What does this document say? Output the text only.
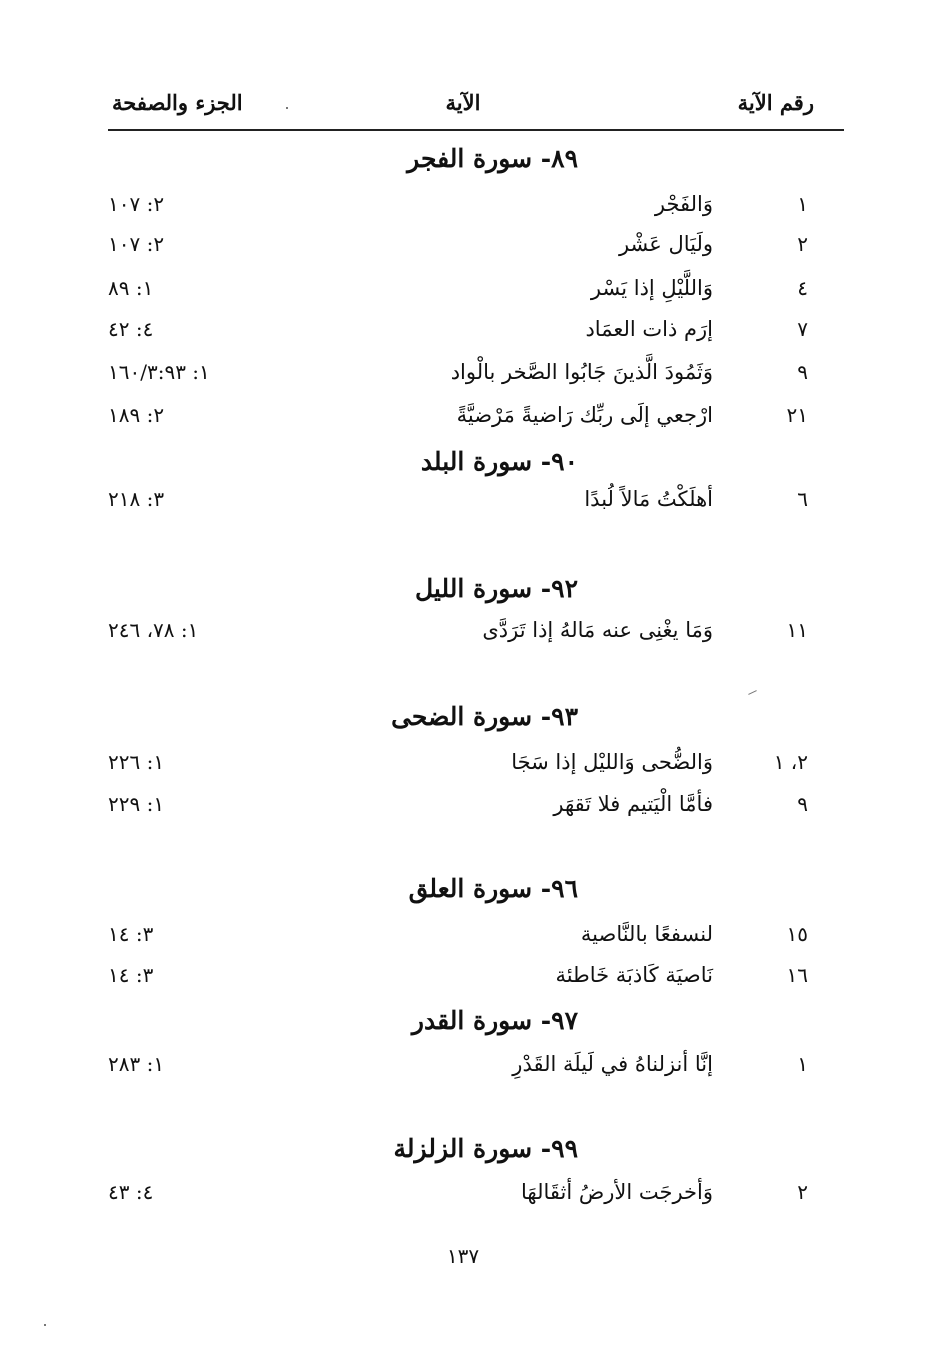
رقم الآية
الآية
الجزء والصفحة
٨٩- سورة الفجر
١
وَالفَجْر
٢: ١٠٧
٢
ولَيَال عَشْر
٢: ١٠٧
٤
وَاللَّيْلِ إذا يَسْر
١: ٨٩
٧
إرَم ذات العمَاد
٤: ٤٢
٩
وَثَمُودَ الَّذينَ جَابُوا الصَّخر بالْواد
١: ١٦٠/٣:٩٣
٢١
ارْجعي إلَى ربِّك رَاضيةً مَرْضيَّةً
٢: ١٨٩
٩٠- سورة البلد
٦
أهلَكْتُ مَالاً لُبدًا
٣: ٢١٨
٩٢- سورة الليل
١١
وَمَا يغْنِى عنه مَالهُ إذا تَرَدَّى
١: ٧٨، ٢٤٦
٩٣- سورة الضحى
٢، ١
وَالضُّحى وَالليْل إذا سَجَا
١: ٢٢٦
٩
فأمَّا الْيَتيم فلا تَقهَر
١: ٢٢٩
٩٦- سورة العلق
١٥
لنسفعًا بالنَّاصية
٣: ١٤
١٦
نَاصيَة كَاذبَة خَاطئة
٣: ١٤
٩٧- سورة القدر
١
إنَّا أنزلناهُ في لَيلَة القَدْرِ
١: ٢٨٣
٩٩- سورة الزلزلة
٢
وَأخرجَت الأرضُ أثقَالهَا
٤: ٤٣
١٣٧
